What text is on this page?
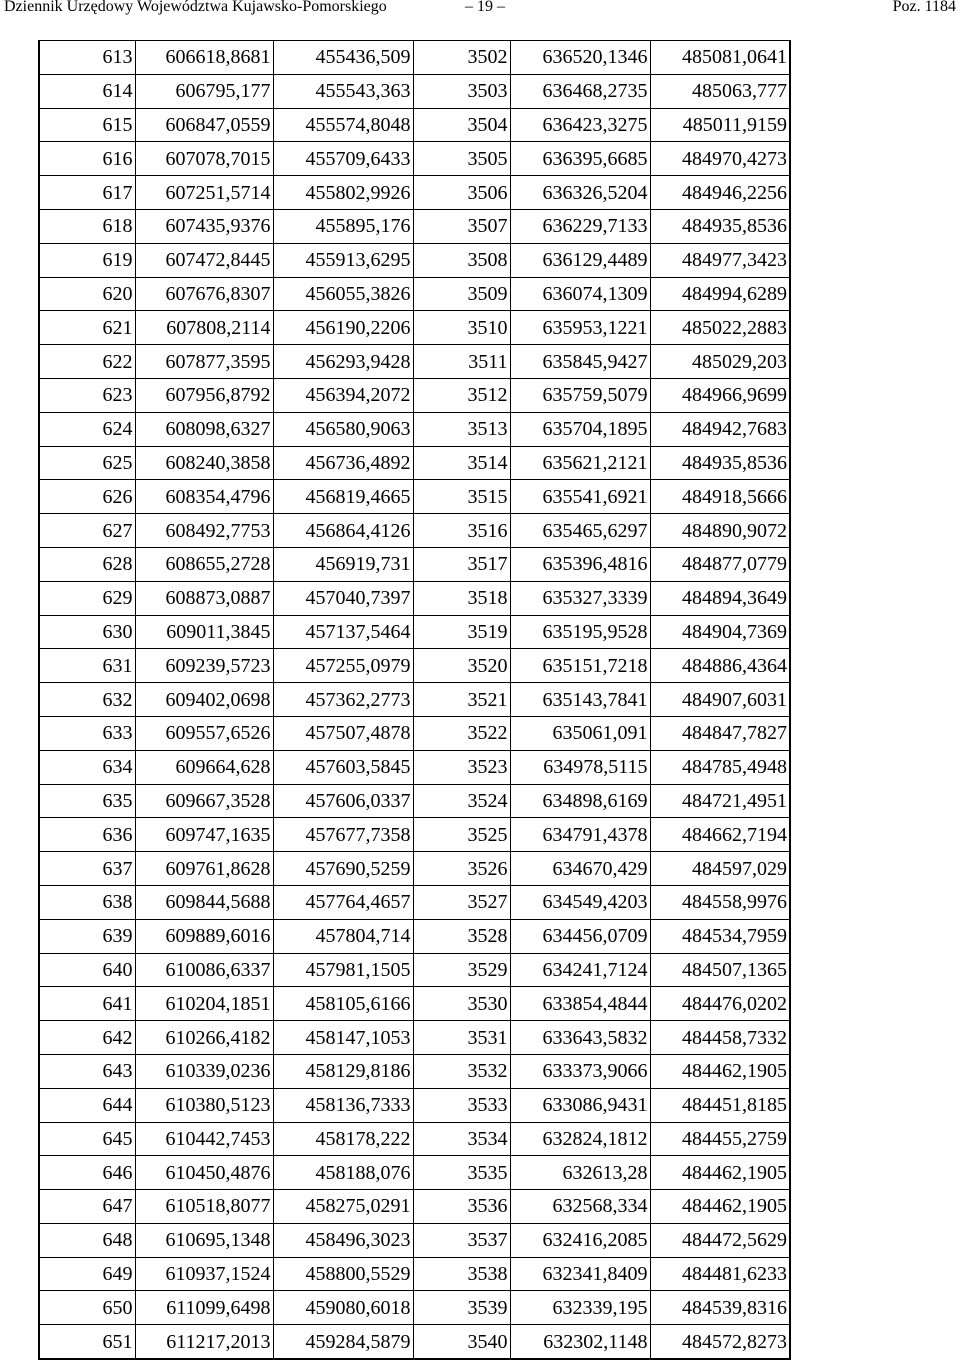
Dziennik Urzędowy Województwa Kujawsko-Pomorskiego	– 19 –	Poz. 1184
613	606618,8681	455436,509	3502	636520,1346	485081,0641
614	606795,177	455543,363	3503	636468,2735	485063,777
615	606847,0559	455574,8048	3504	636423,3275	485011,9159
616	607078,7015	455709,6433	3505	636395,6685	484970,4273
617	607251,5714	455802,9926	3506	636326,5204	484946,2256
618	607435,9376	455895,176	3507	636229,7133	484935,8536
619	607472,8445	455913,6295	3508	636129,4489	484977,3423
620	607676,8307	456055,3826	3509	636074,1309	484994,6289
621	607808,2114	456190,2206	3510	635953,1221	485022,2883
622	607877,3595	456293,9428	3511	635845,9427	485029,203
623	607956,8792	456394,2072	3512	635759,5079	484966,9699
624	608098,6327	456580,9063	3513	635704,1895	484942,7683
625	608240,3858	456736,4892	3514	635621,2121	484935,8536
626	608354,4796	456819,4665	3515	635541,6921	484918,5666
627	608492,7753	456864,4126	3516	635465,6297	484890,9072
628	608655,2728	456919,731	3517	635396,4816	484877,0779
629	608873,0887	457040,7397	3518	635327,3339	484894,3649
630	609011,3845	457137,5464	3519	635195,9528	484904,7369
631	609239,5723	457255,0979	3520	635151,7218	484886,4364
632	609402,0698	457362,2773	3521	635143,7841	484907,6031
633	609557,6526	457507,4878	3522	635061,091	484847,7827
634	609664,628	457603,5845	3523	634978,5115	484785,4948
635	609667,3528	457606,0337	3524	634898,6169	484721,4951
636	609747,1635	457677,7358	3525	634791,4378	484662,7194
637	609761,8628	457690,5259	3526	634670,429	484597,029
638	609844,5688	457764,4657	3527	634549,4203	484558,9976
639	609889,6016	457804,714	3528	634456,0709	484534,7959
640	610086,6337	457981,1505	3529	634241,7124	484507,1365
641	610204,1851	458105,6166	3530	633854,4844	484476,0202
642	610266,4182	458147,1053	3531	633643,5832	484458,7332
643	610339,0236	458129,8186	3532	633373,9066	484462,1905
644	610380,5123	458136,7333	3533	633086,9431	484451,8185
645	610442,7453	458178,222	3534	632824,1812	484455,2759
646	610450,4876	458188,076	3535	632613,28	484462,1905
647	610518,8077	458275,0291	3536	632568,334	484462,1905
648	610695,1348	458496,3023	3537	632416,2085	484472,5629
649	610937,1524	458800,5529	3538	632341,8409	484481,6233
650	611099,6498	459080,6018	3539	632339,195	484539,8316
651	611217,2013	459284,5879	3540	632302,1148	484572,8273
